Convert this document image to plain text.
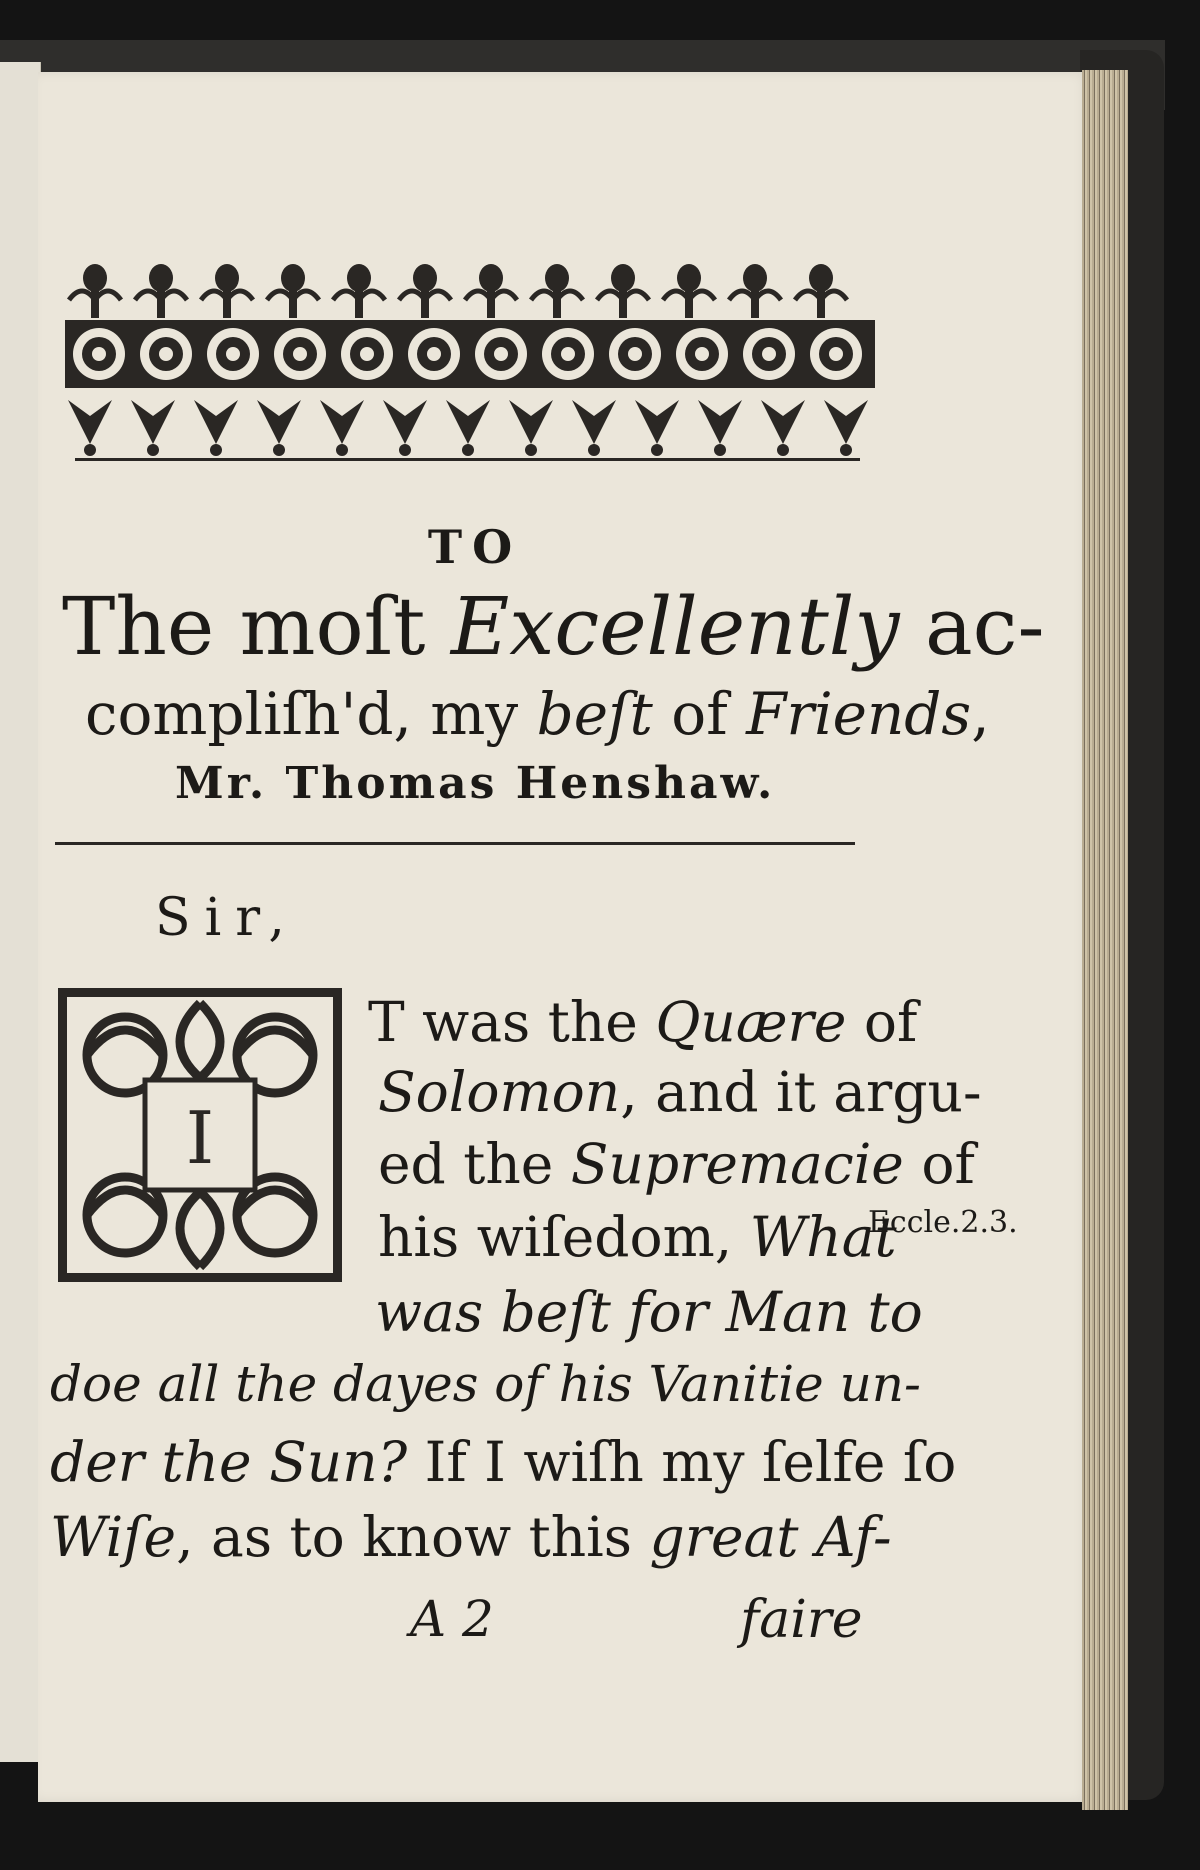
TO
The moſt Excellently ac-
compliſh'd, my beſt of Friends,
Mr. Thomas Henshaw.
Sir,
I
T was the Quære of
Solomon, and it argu-
ed the Supremacie of
his wiſedom, What
Eccle.2.3.
was beſt for Man to
doe all the dayes of his Vanitie un-
der the Sun? If I wiſh my ſelfe ſo
Wiſe, as to know this great Af-
A 2	faire
